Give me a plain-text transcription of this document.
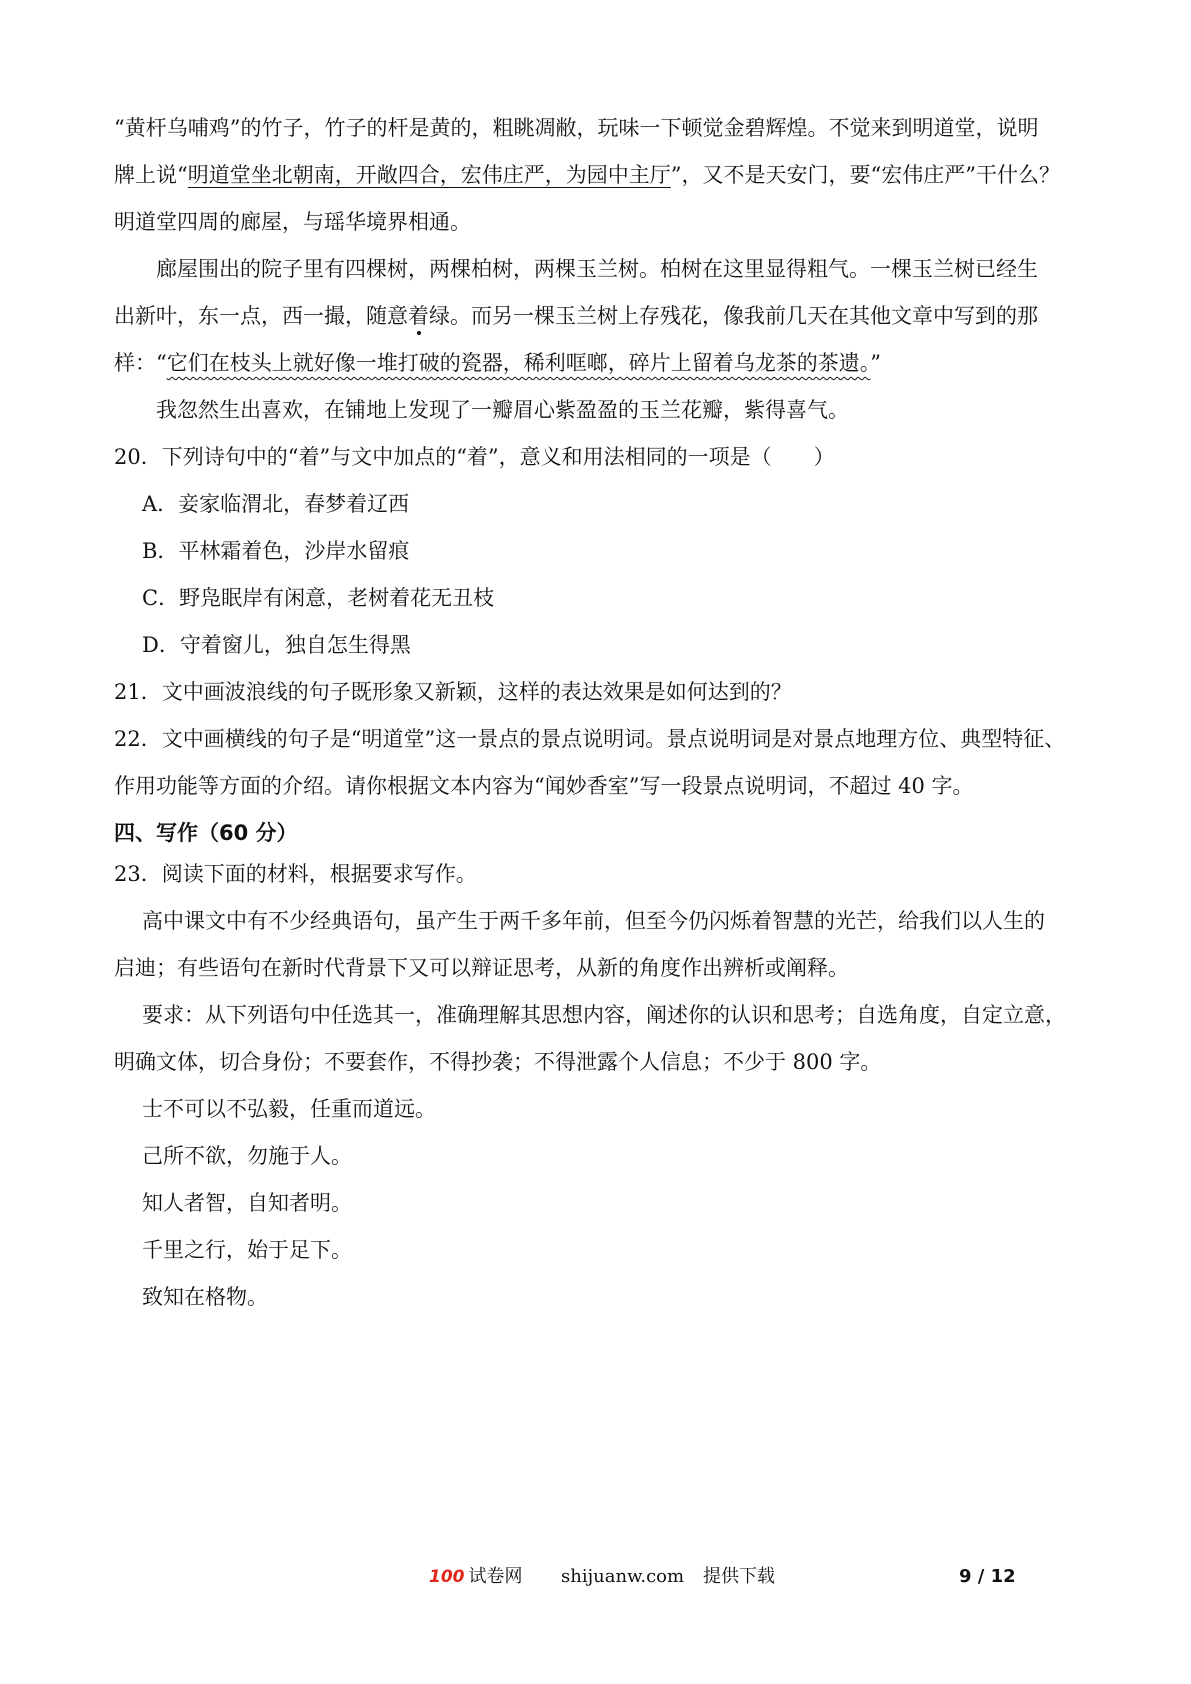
“黄杆乌哺鸡”的竹子，竹子的杆是黄的，粗眺凋敝，玩味一下顿觉金碧辉煌。不觉来到明道堂，说明
牌上说“明道堂坐北朝南，开敞四合，宏伟庄严，为园中主厅”，又不是天安门，要“宏伟庄严”干什么？
明道堂四周的廊屋，与瑶华境界相通。
廊屋围出的院子里有四棵树，两棵柏树，两棵玉兰树。柏树在这里显得粗气。一棵玉兰树已经生
出新叶，东一点，西一撮，随意着绿。而另一棵玉兰树上存残花，像我前几天在其他文章中写到的那
样：“它们在枝头上就好像一堆打破的瓷器，稀利哐啷，碎片上留着乌龙茶的茶遗。”
我忽然生出喜欢，在铺地上发现了一瓣眉心紫盈盈的玉兰花瓣，紫得喜气。
20．下列诗句中的“着”与文中加点的“着”，意义和用法相同的一项是（　　）
A．妾家临渭北，春梦着辽西
B．平林霜着色，沙岸水留痕
C．野凫眠岸有闲意，老树着花无丑枝
D．守着窗儿，独自怎生得黑
21．文中画波浪线的句子既形象又新颖，这样的表达效果是如何达到的？
22．文中画横线的句子是“明道堂”这一景点的景点说明词。景点说明词是对景点地理方位、典型特征、
作用功能等方面的介绍。请你根据文本内容为“闻妙香室”写一段景点说明词，不超过 40 字。
四、写作（60 分）
23．阅读下面的材料，根据要求写作。
高中课文中有不少经典语句，虽产生于两千多年前，但至今仍闪烁着智慧的光芒，给我们以人生的
启迪；有些语句在新时代背景下又可以辩证思考，从新的角度作出辨析或阐释。
要求：从下列语句中任选其一，准确理解其思想内容，阐述你的认识和思考；自选角度，自定立意，
明确文体，切合身份；不要套作，不得抄袭；不得泄露个人信息；不少于 800 字。
士不可以不弘毅，任重而道远。
己所不欲，勿施于人。
知人者智，自知者明。
千里之行，始于足下。
致知在格物。
100 试卷网 shijuanw.com 提供下载	9 / 12
